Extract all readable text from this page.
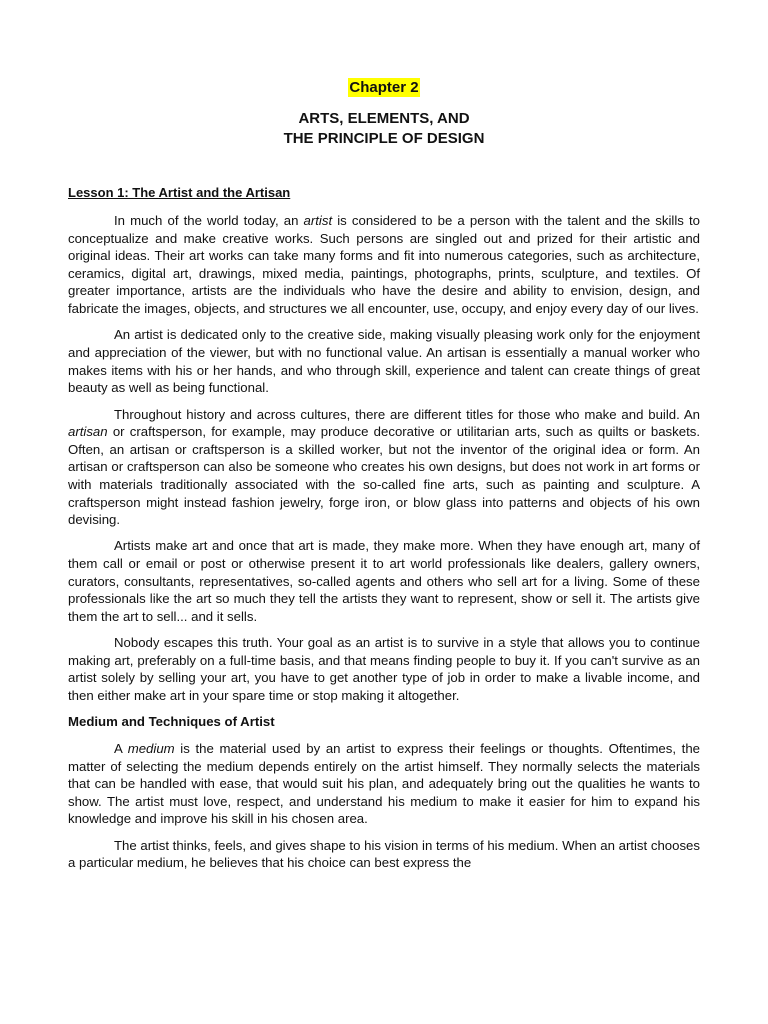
Chapter 2
ARTS, ELEMENTS, AND
THE PRINCIPLE OF DESIGN
Lesson 1: The Artist and the Artisan

In much of the world today, an artist is considered to be a person with the talent and the skills to conceptualize and make creative works. Such persons are singled out and prized for their artistic and original ideas. Their art works can take many forms and fit into numerous categories, such as architecture, ceramics, digital art, drawings, mixed media, paintings, photographs, prints, sculpture, and textiles. Of greater importance, artists are the individuals who have the desire and ability to envision, design, and fabricate the images, objects, and structures we all encounter, use, occupy, and enjoy every day of our lives.

An artist is dedicated only to the creative side, making visually pleasing work only for the enjoyment and appreciation of the viewer, but with no functional value. An artisan is essentially a manual worker who makes items with his or her hands, and who through skill, experience and talent can create things of great beauty as well as being functional.

Throughout history and across cultures, there are different titles for those who make and build. An artisan or craftsperson, for example, may produce decorative or utilitarian arts, such as quilts or baskets. Often, an artisan or craftsperson is a skilled worker, but not the inventor of the original idea or form. An artisan or craftsperson can also be someone who creates his own designs, but does not work in art forms or with materials traditionally associated with the so-called fine arts, such as painting and sculpture. A craftsperson might instead fashion jewelry, forge iron, or blow glass into patterns and objects of his own devising.

Artists make art and once that art is made, they make more. When they have enough art, many of them call or email or post or otherwise present it to art world professionals like dealers, gallery owners, curators, consultants, representatives, so-called agents and others who sell art for a living. Some of these professionals like the art so much they tell the artists they want to represent, show or sell it. The artists give them the art to sell... and it sells.

Nobody escapes this truth. Your goal as an artist is to survive in a style that allows you to continue making art, preferably on a full-time basis, and that means finding people to buy it. If you can't survive as an artist solely by selling your art, you have to get another type of job in order to make a livable income, and then either make art in your spare time or stop making it altogether.

Medium and Techniques of Artist

A medium is the material used by an artist to express their feelings or thoughts. Oftentimes, the matter of selecting the medium depends entirely on the artist himself. They normally selects the materials that can be handled with ease, that would suit his plan, and adequately bring out the qualities he wants to show. The artist must love, respect, and understand his medium to make it easier for him to expand his knowledge and improve his skill in his chosen area.

The artist thinks, feels, and gives shape to his vision in terms of his medium. When an artist chooses a particular medium, he believes that his choice can best express the
